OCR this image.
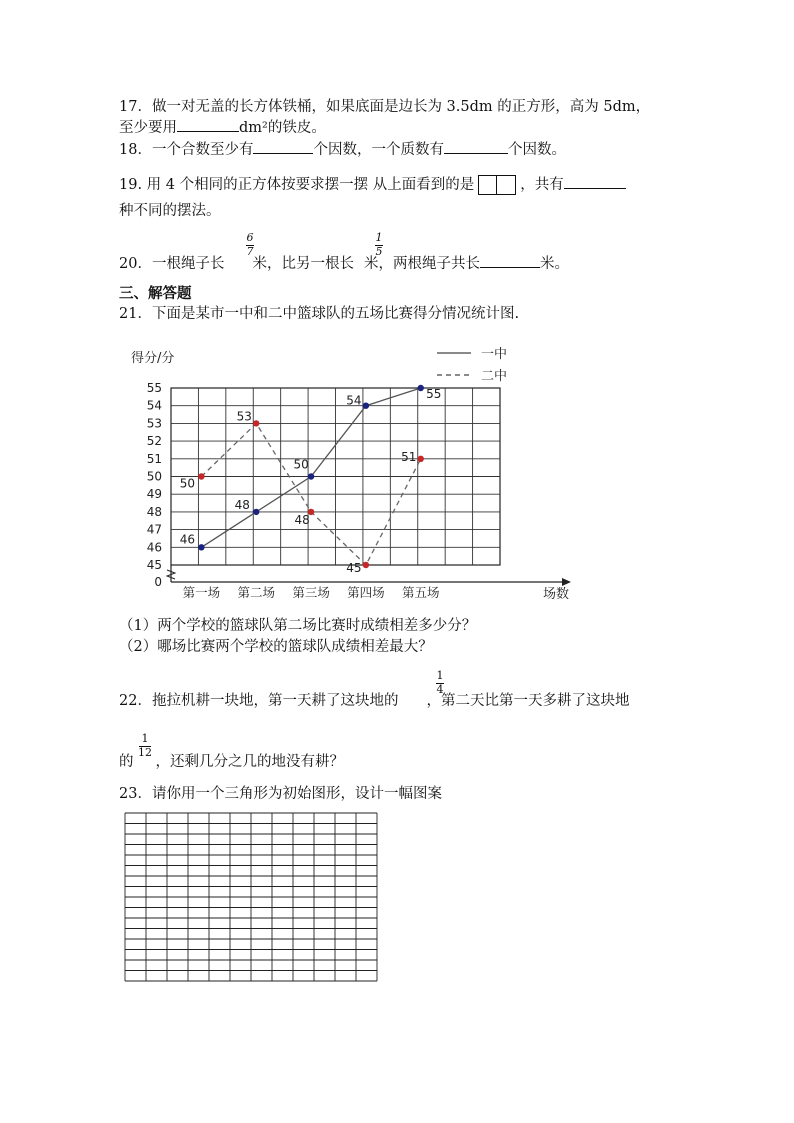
17．做一对无盖的长方体铁桶，如果底面是边长为 3.5dm 的正方形，高为 5dm，
至少要用	dm²的铁皮。
18．一个合数至少有	个因数，一个质数有	个因数。
19. 用 4 个相同的正方体按要求摆一摆 从上面看到的是	，共有
种不同的摆法。
20．一根绳子长 米，比另一根长 米，两根绳子共长	米。
6
7
1
5
三、解答题
21．下面是某市一中和二中篮球队的五场比赛得分情况统计图.
0
45
46
47
48
49
50
51
52
53
54
55
得分/分
场数
第一场 第二场 第三场 第四场 第五场
一中
二中
46
48
50
54	55
50
53
48
45
51
（1）两个学校的篮球队第二场比赛时成绩相差多少分？
（2）哪场比赛两个学校的篮球队成绩相差最大？
22．拖拉机耕一块地，第一天耕了这块地的 ，第二天比第一天多耕了这块地
1
4
的 ，还剩几分之几的地没有耕？
1
12
23．请你用一个三角形为初始图形，设计一幅图案
